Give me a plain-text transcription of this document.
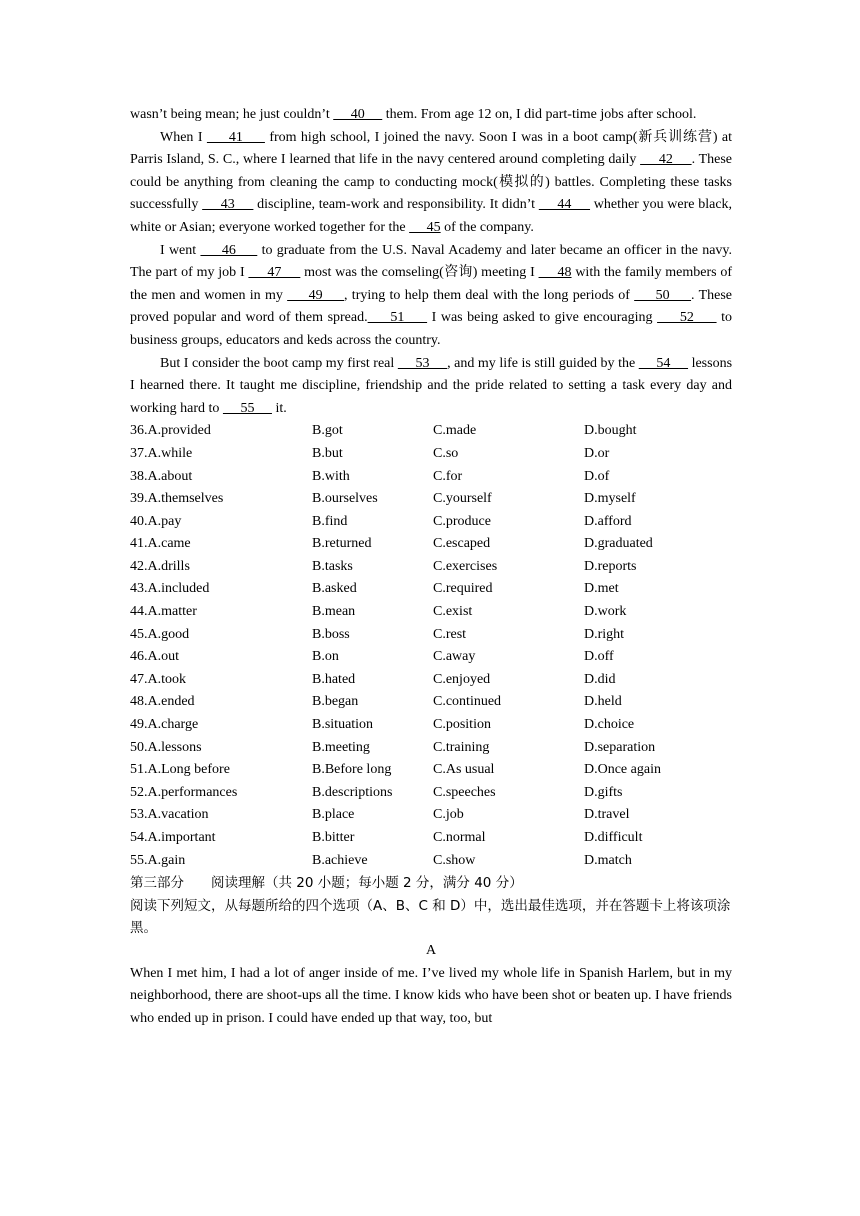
wasn’t being mean; he just couldn’t      40      them. From age 12 on, I did part-time jobs after school.

When I      41      from high school, I joined the navy. Soon I was in a boot camp(新兵训练营) at Parris Island, S. C., where I learned that life in the navy centered around completing daily      42     . These could be anything from cleaning the camp to conducting mock(模拟的) battles. Completing these tasks successfully      43      discipline, team-work and responsibility. It didn’t      44      whether you were black, white or Asian; everyone worked together for the      45 of the company.

I went      46      to graduate from the U.S. Naval Academy and later became an officer in the navy. The part of my job I      47      most was the comseling(咨询) meeting I      48 with the family members of the men and women in my      49     , trying to help them deal with the long periods of      50     . These proved popular and word of them spread.     51      I was being asked to give encouraging      52      to business groups, educators and keds across the country.

But I consider the boot camp my first real      53     , and my life is still guided by the      54      lessons I hearned there. It taught me discipline, friendship and the pride related to setting a task every day and working hard to      55      it.

36.A.provided	B.got	C.made	D.bought
37.A.while	B.but	C.so	D.or
38.A.about	B.with	C.for	D.of
39.A.themselves	B.ourselves	C.yourself	D.myself
40.A.pay	B.find	C.produce	D.afford
41.A.came	B.returned	C.escaped	D.graduated
42.A.drills	B.tasks	C.exercises	D.reports
43.A.included	B.asked	C.required	D.met
44.A.matter	B.mean	C.exist	D.work
45.A.good	B.boss	C.rest	D.right
46.A.out	B.on	C.away	D.off
47.A.took	B.hated	C.enjoyed	D.did
48.A.ended	B.began	C.continued	D.held
49.A.charge	B.situation	C.position	D.choice
50.A.lessons	B.meeting	C.training	D.separation
51.A.Long before	B.Before long	C.As usual	D.Once again
52.A.performances	B.descriptions	C.speeches	D.gifts
53.A.vacation	B.place	C.job	D.travel
54.A.important	B.bitter	C.normal	D.difficult
55.A.gain	B.achieve	C.show	D.match

第三部分　　阅读理解（共 20 小题；每小题 2 分，满分 40 分）

阅读下列短文，从每题所给的四个选项（A、B、C 和 D）中，选出最佳选项，并在答题卡上将该项涂黑。

A

When I met him, I had a lot of anger inside of me. I’ve lived my whole life in Spanish Harlem, but in my neighborhood, there are shoot-ups all the time. I know kids who have been shot or beaten up. I have friends who ended up in prison. I could have ended up that way, too, but
